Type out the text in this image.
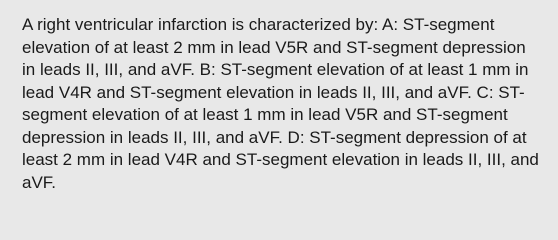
A right ventricular infarction is characterized by: A: ST-segment elevation of at least 2 mm in lead V5R and ST-segment depression in leads II, III, and aVF. B: ST-segment elevation of at least 1 mm in lead V4R and ST-segment elevation in leads II, III, and aVF. C: ST-segment elevation of at least 1 mm in lead V5R and ST-segment depression in leads II, III, and aVF. D: ST-segment depression of at least 2 mm in lead V4R and ST-segment elevation in leads II, III, and aVF.
